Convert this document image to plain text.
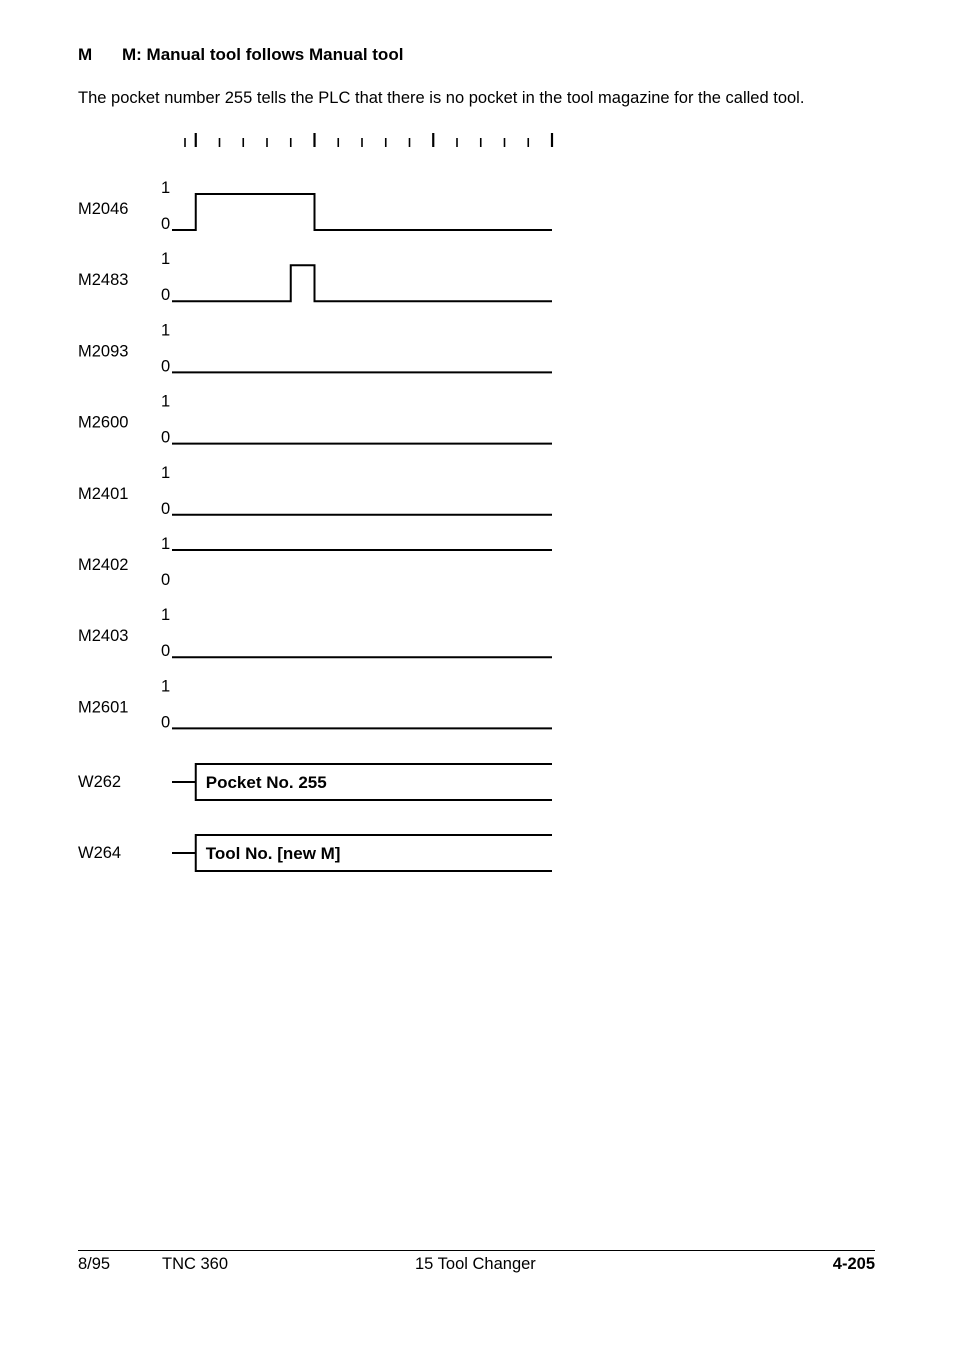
M M: Manual tool follows Manual tool
The pocket number 255 tells the PLC that there is no pocket in the tool magazine for the called tool.
M2046
1
0
M2483
1
0
M2093
1
0
M2600
1
0
M2401
1
0
M2402
1
0
M2403
1
0
M2601
1
0
W262	Pocket No. 255
W264	Tool No. [new M]
8/95	TNC 360	15 Tool Changer	4-205
